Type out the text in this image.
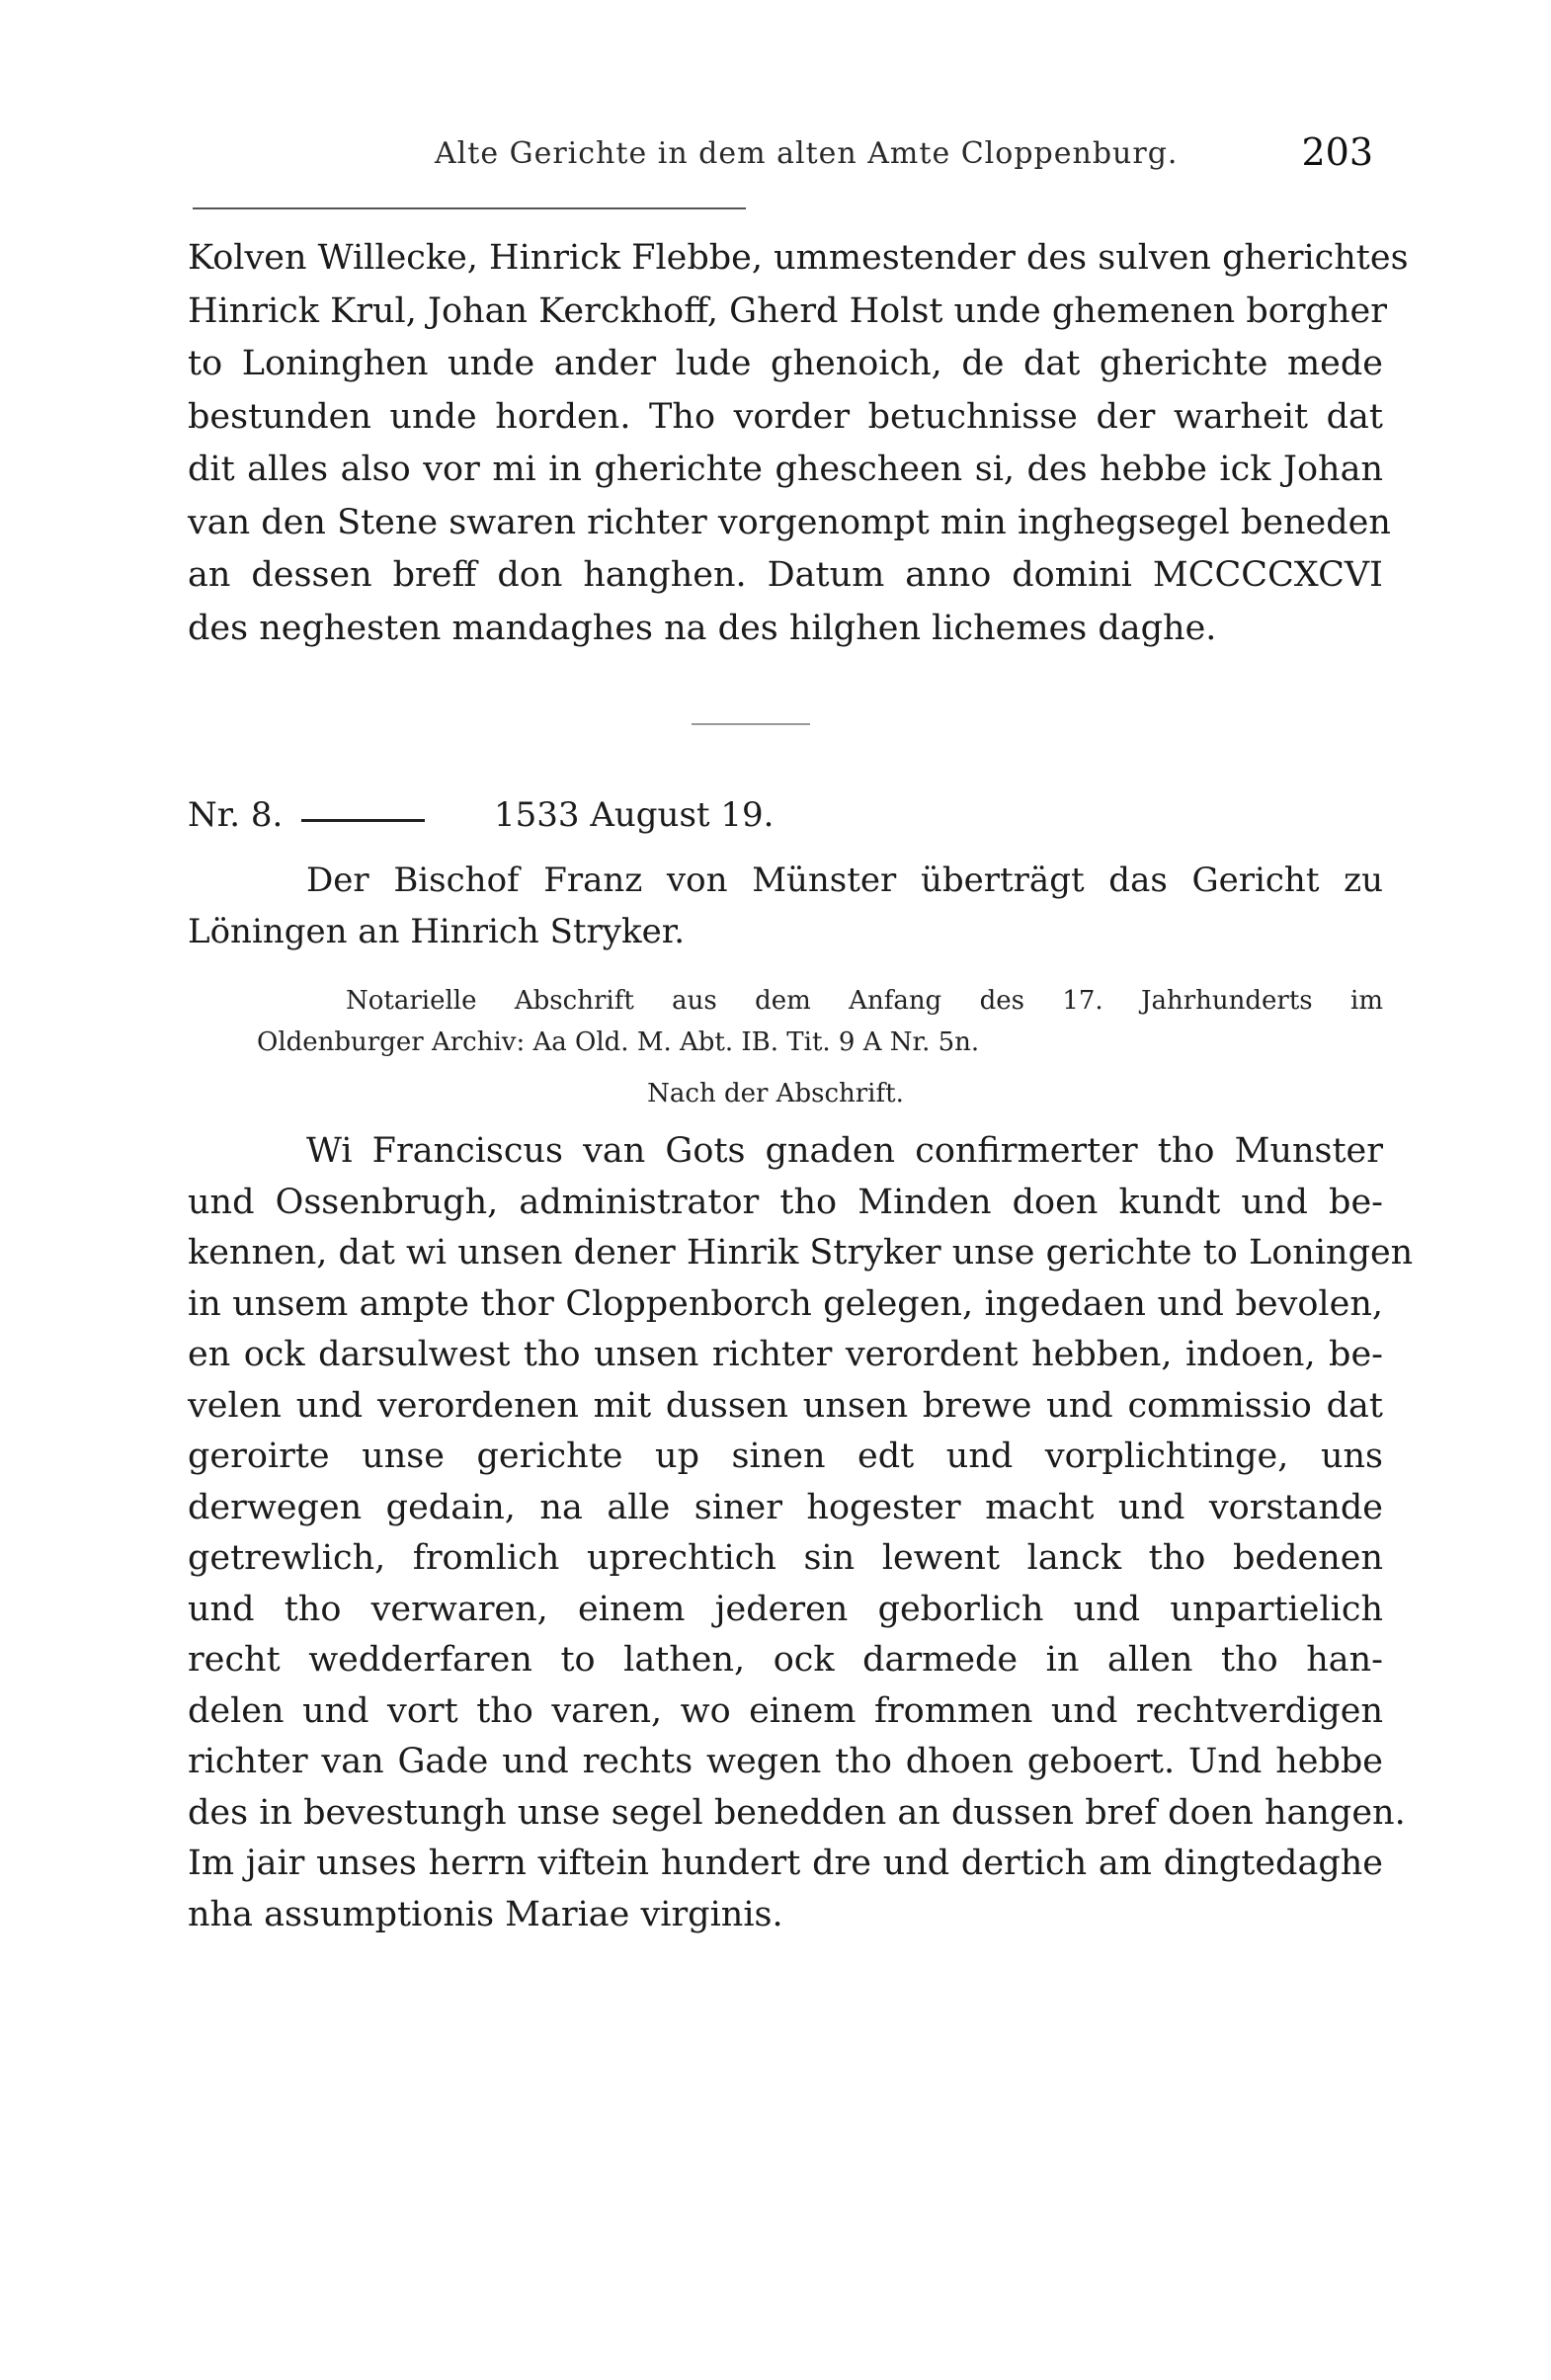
Alte Gerichte in dem alten Amte Cloppenburg.	203
Kolven Willecke, Hinrick Flebbe, ummestender des sulven gherichtes
Hinrick Krul, Johan Kerckhoff, Gherd Holst unde ghemenen borgher
to Loninghen unde ander lude ghenoich, de dat gherichte mede
bestunden unde horden. Tho vorder betuchnisse der warheit dat
dit alles also vor mi in gherichte ghescheen si, des hebbe ick Johan
van den Stene swaren richter vorgenompt min inghegsegel beneden
an dessen breff don hanghen. Datum anno domini MCCCCXCVI
des neghesten mandaghes na des hilghen lichemes daghe.
Nr. 8.	1533 August 19.
Der Bischof Franz von Münster überträgt das Gericht zu
Löningen an Hinrich Stryker.
Notarielle Abschrift aus dem Anfang des 17. Jahrhunderts im
Oldenburger Archiv: Aa Old. M. Abt. IB. Tit. 9 A Nr. 5n.
Nach der Abschrift.
Wi Franciscus van Gots gnaden confirmerter tho Munster
und Ossenbrugh, administrator tho Minden doen kundt und be-
kennen, dat wi unsen dener Hinrik Stryker unse gerichte to Loningen
in unsem ampte thor Cloppenborch gelegen, ingedaen und bevolen,
en ock darsulwest tho unsen richter verordent hebben, indoen, be-
velen und verordenen mit dussen unsen brewe und commissio dat
geroirte unse gerichte up sinen edt und vorplichtinge, uns
derwegen gedain, na alle siner hogester macht und vorstande
getrewlich, fromlich uprechtich sin lewent lanck tho bedenen
und tho verwaren, einem jederen geborlich und unpartielich
recht wedderfaren to lathen, ock darmede in allen tho han-
delen und vort tho varen, wo einem frommen und rechtverdigen
richter van Gade und rechts wegen tho dhoen geboert. Und hebbe
des in bevestungh unse segel benedden an dussen bref doen hangen.
Im jair unses herrn viftein hundert dre und dertich am dingtedaghe
nha assumptionis Mariae virginis.
